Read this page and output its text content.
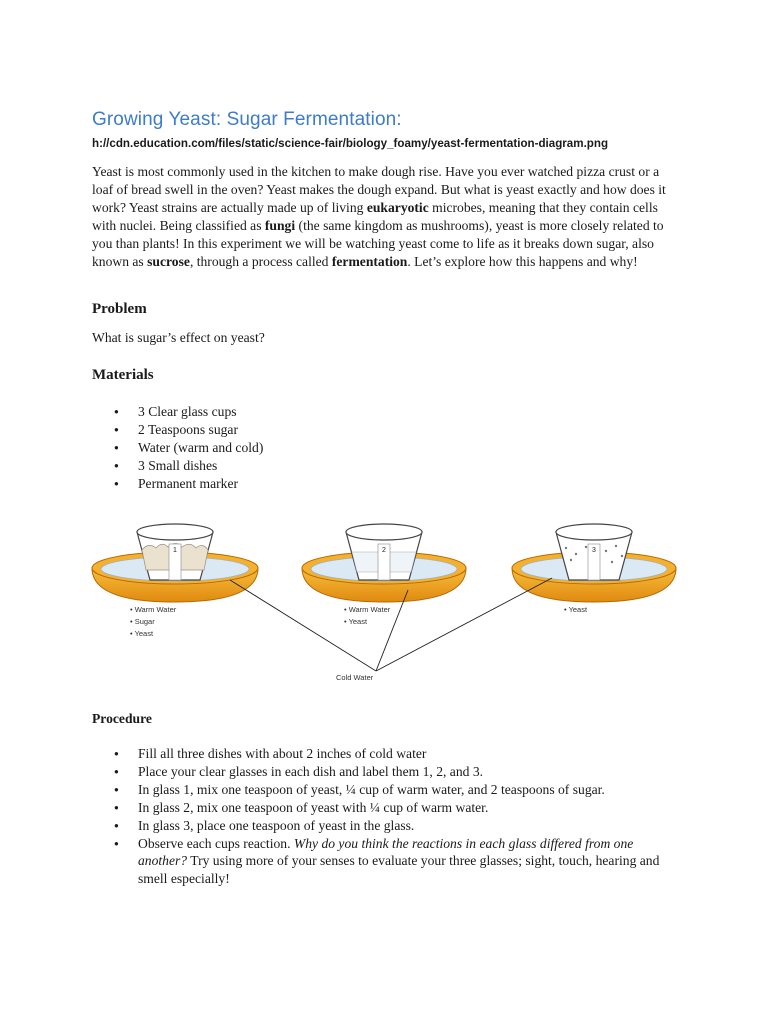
Growing Yeast: Sugar Fermentation:
h://cdn.education.com/files/static/science-fair/biology_foamy/yeast-fermentation-diagram.png

Yeast is most commonly used in the kitchen to make dough rise. Have you ever watched pizza crust or a loaf of bread swell in the oven? Yeast makes the dough expand. But what is yeast exactly and how does it work? Yeast strains are actually made up of living eukaryotic microbes, meaning that they contain cells with nuclei. Being classified as fungi (the same kingdom as mushrooms), yeast is more closely related to you than plants! In this experiment we will be watching yeast come to life as it breaks down sugar, also known as sucrose, through a process called fermentation. Let’s explore how this happens and why!

Problem

What is sugar’s effect on yeast?

Materials
● 3 Clear glass cups
● 2 Teaspoons sugar
● Water (warm and cold)
● 3 Small dishes
● Permanent marker
1
• Warm Water
• Sugar
• Yeast
2
• Warm Water
• Yeast
3
• Yeast
Cold Water
Procedure
● Fill all three dishes with about 2 inches of cold water
● Place your clear glasses in each dish and label them 1, 2, and 3.
● In glass 1, mix one teaspoon of yeast, ¼ cup of warm water, and 2 teaspoons of sugar.
● In glass 2, mix one teaspoon of yeast with ¼ cup of warm water.
● In glass 3, place one teaspoon of yeast in the glass.
● Observe each cups reaction. Why do you think the reactions in each glass differed from one another? Try using more of your senses to evaluate your three glasses; sight, touch, hearing and smell especially!
